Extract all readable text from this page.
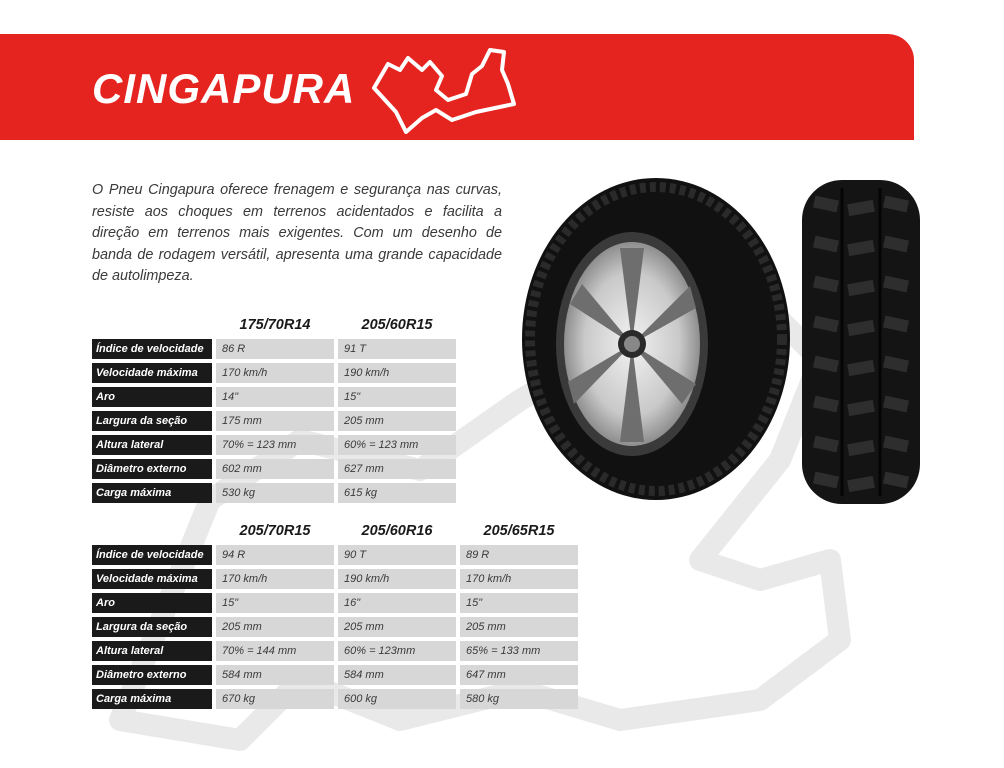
CINGAPURA

O Pneu Cingapura oferece frenagem e segurança nas curvas, resiste aos choques em terrenos acidentados e facilita a direção em terrenos mais exigentes. Com um desenho de banda de rodagem versátil, apresenta uma grande capacidade de autolimpeza.

	175/70R14	205/60R15
Índice de velocidade	86 R	91 T
Velocidade máxima	170 km/h	190 km/h
Aro	14"	15"
Largura da seção	175 mm	205 mm
Altura lateral	70% = 123 mm	60% = 123 mm
Diâmetro externo	602 mm	627 mm
Carga máxima	530 kg	615 kg
	205/70R15	205/60R16	205/65R15
Índice de velocidade	94 R	90 T	89 R
Velocidade máxima	170 km/h	190 km/h	170 km/h
Aro	15"	16"	15"
Largura da seção	205 mm	205 mm	205 mm
Altura lateral	70% = 144 mm	60% = 123mm	65% = 133 mm
Diâmetro externo	584 mm	584 mm	647 mm
Carga máxima	670 kg	600 kg	580 kg
